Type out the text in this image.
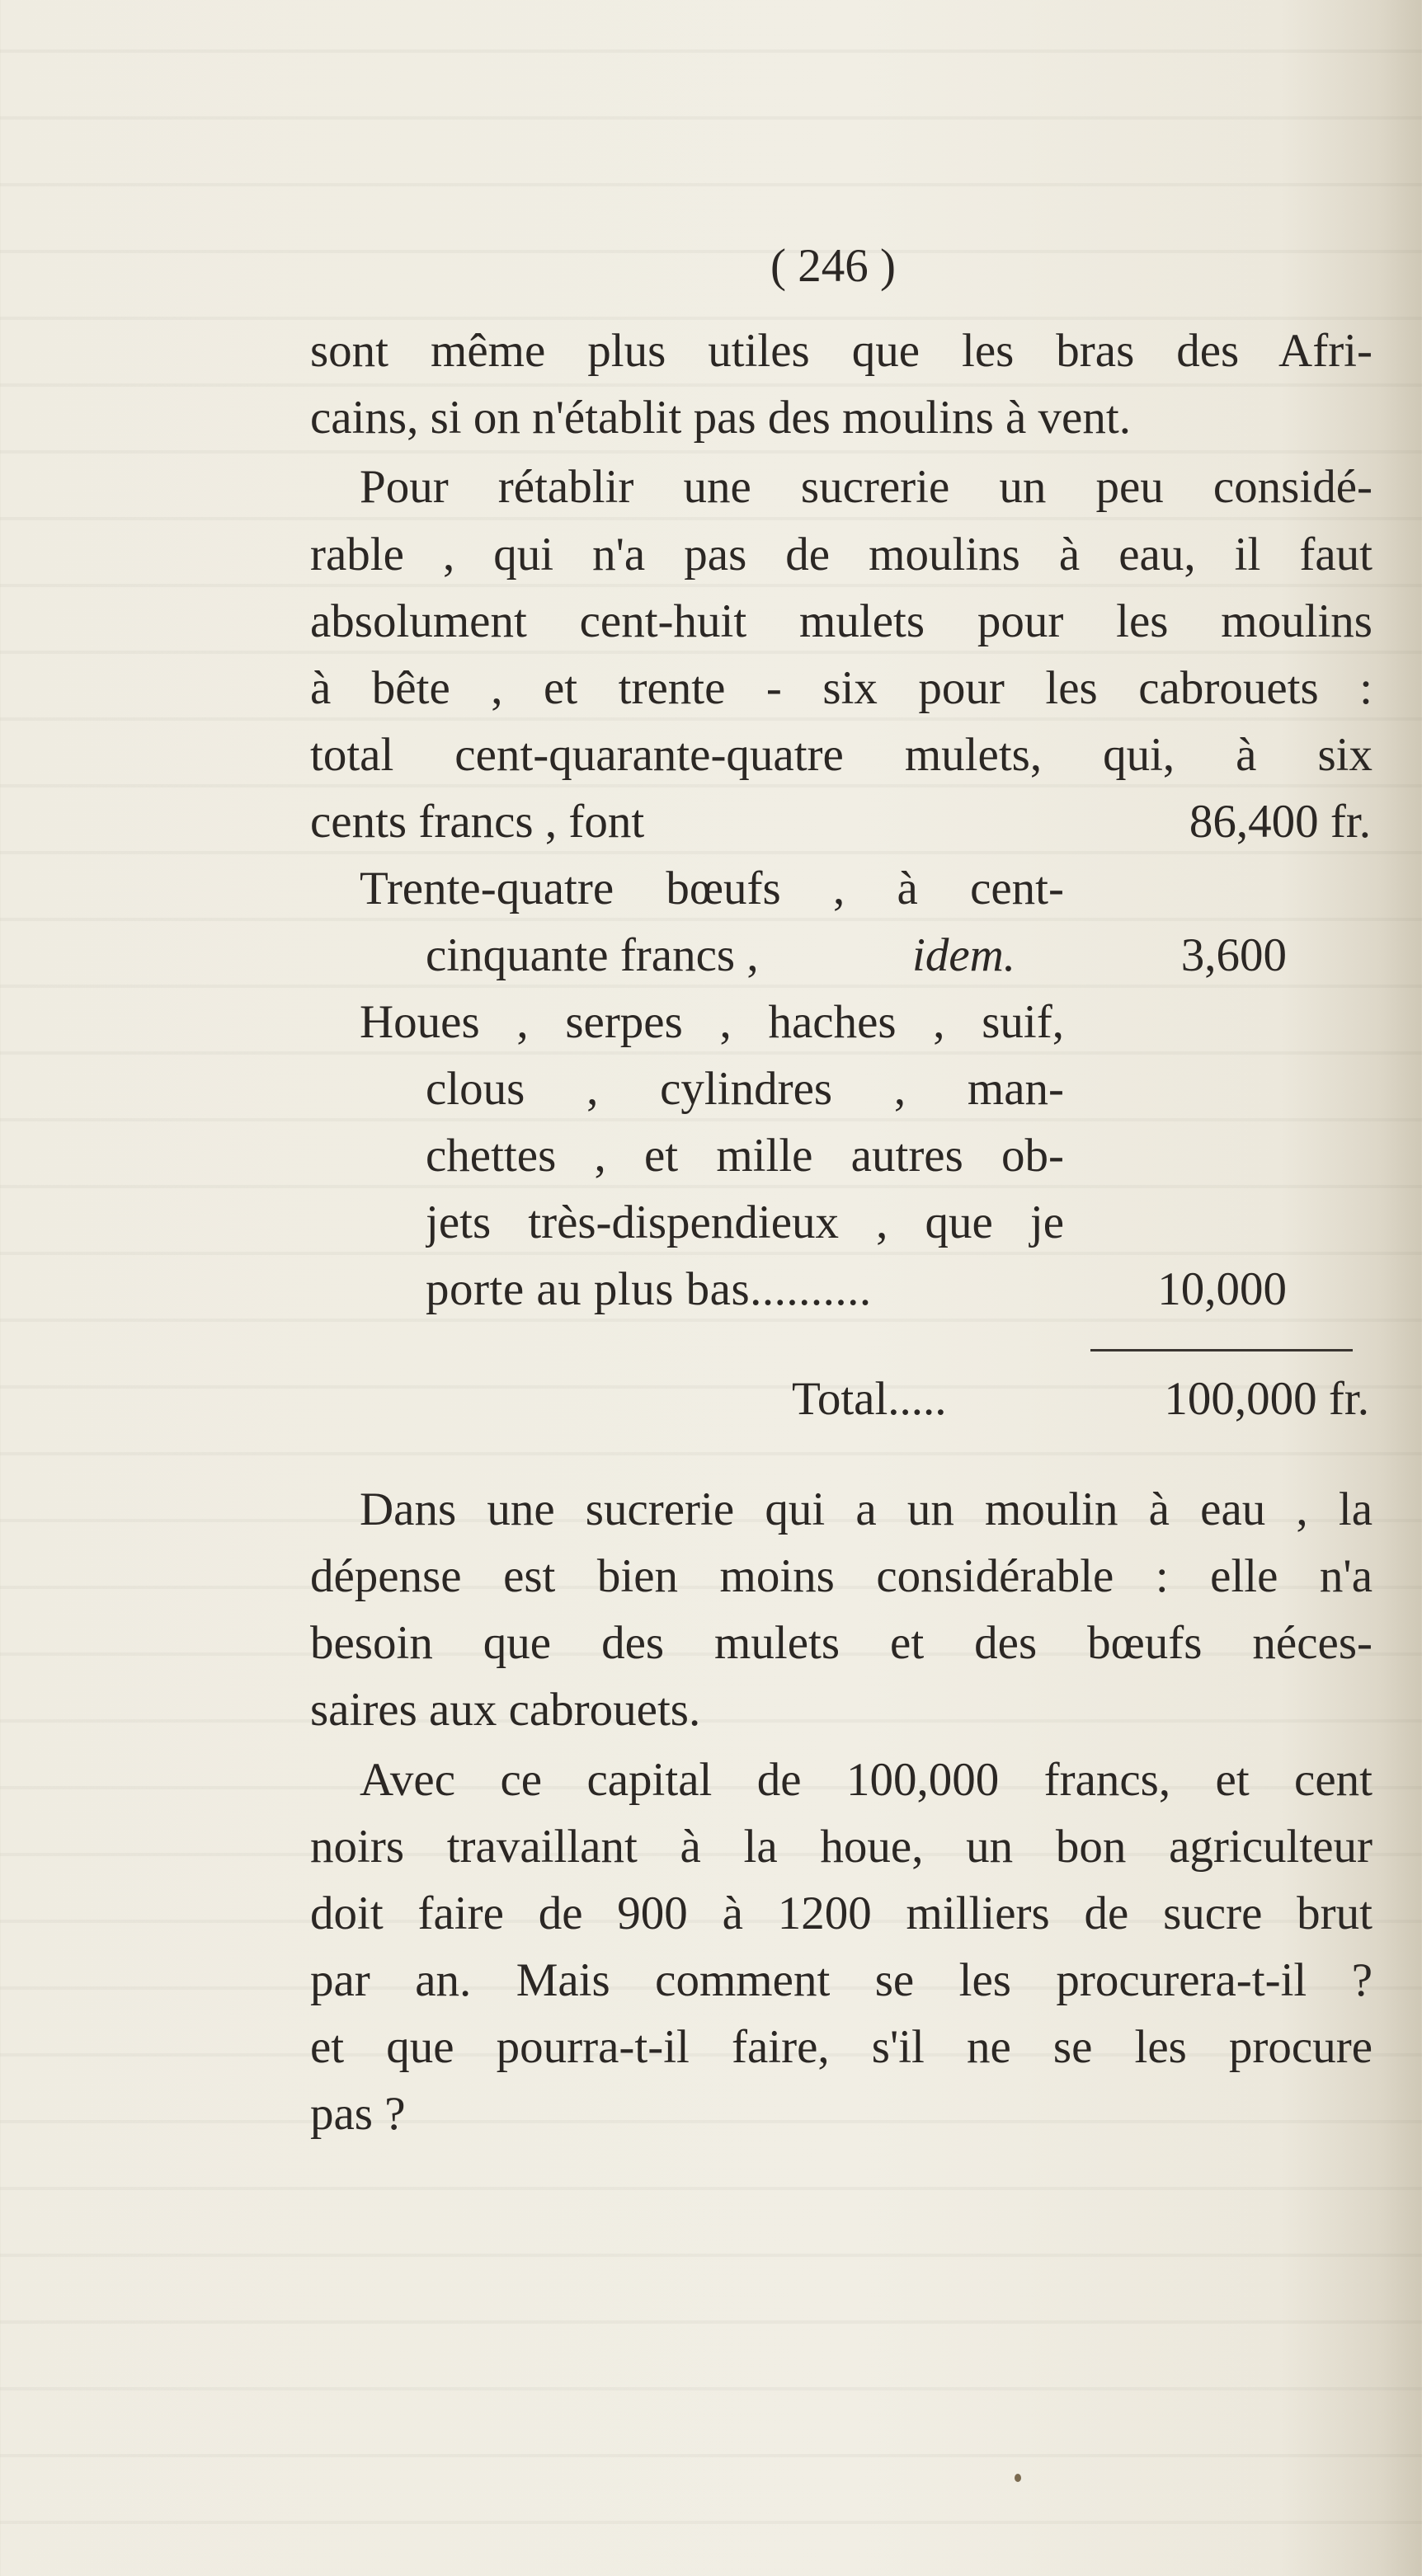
( 246 )
sont même plus utiles que les bras des Afri-
cains, si on n'établit pas des moulins à vent.
Pour rétablir une sucrerie un peu considé-
rable , qui n'a pas de moulins à eau, il faut
absolument cent-huit mulets pour les moulins
à bête , et trente - six pour les cabrouets :
total cent-quarante-quatre mulets, qui, à six
cents francs , font	86,400 fr.
Trente-quatre bœufs , à cent-
cinquante francs ,	idem.	3,600
Houes , serpes , haches , suif,
clous , cylindres , man-
chettes , et mille autres ob-
jets très-dispendieux , que je
porte au plus bas..........	10,000
Total.....	100,000 fr.
Dans une sucrerie qui a un moulin à eau , la
dépense est bien moins considérable : elle n'a
besoin que des mulets et des bœufs néces-
saires aux cabrouets.
Avec ce capital de 100,000 francs, et cent
noirs travaillant à la houe, un bon agriculteur
doit faire de 900 à 1200 milliers de sucre brut
par an. Mais comment se les procurera-t-il ?
et que pourra-t-il faire, s'il ne se les procure
pas ?
